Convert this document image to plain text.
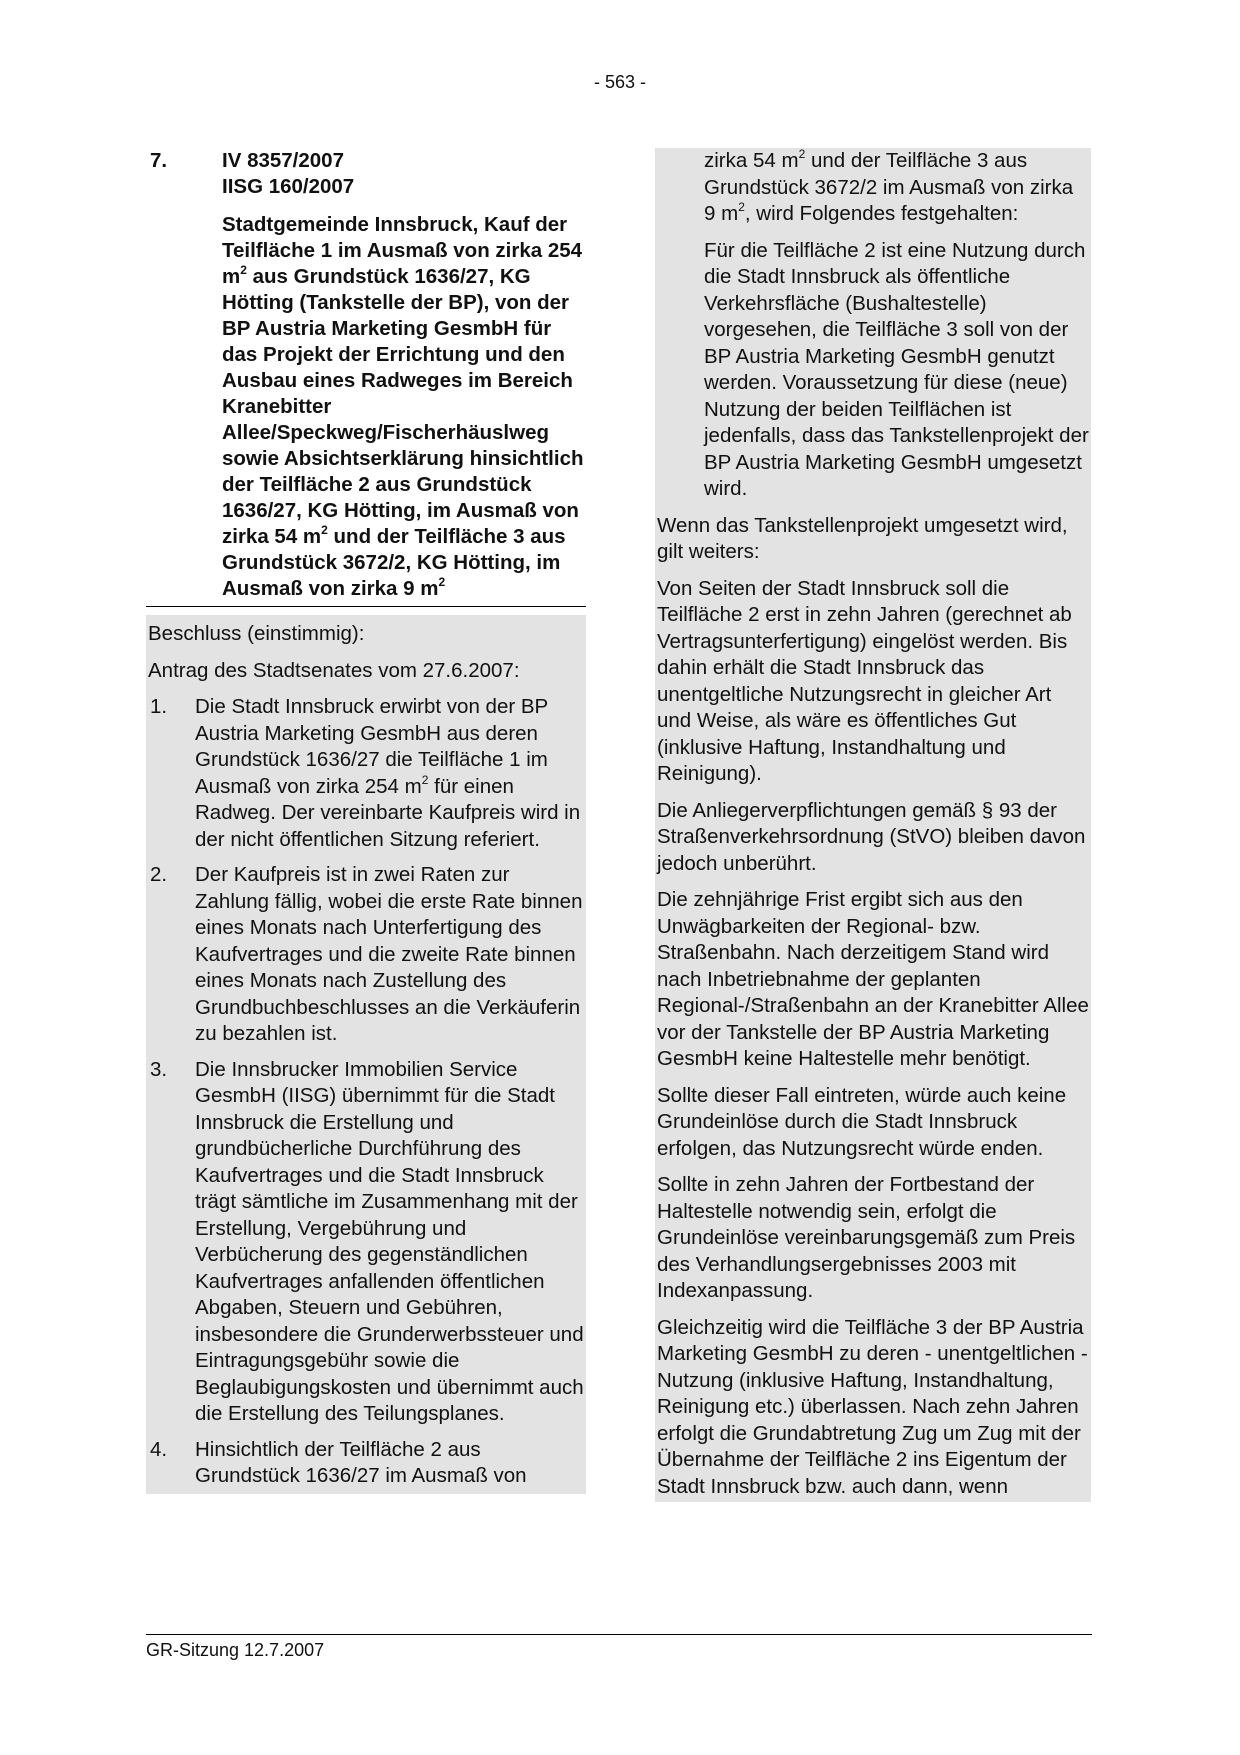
- 563 -
7.	IV 8357/2007
IISG 160/2007
Stadtgemeinde Innsbruck, Kauf der Teilfläche 1 im Ausmaß von zirka 254 $m^2$ aus Grundstück 1636/27, KG Hötting (Tankstelle der BP), von der BP Austria Marketing GesmbH für das Projekt der Errichtung und den Ausbau eines Radweges im Bereich Kranebitter Allee/Speckweg/Fischerhäuslweg sowie Absichtserklärung hinsichtlich der Teilfläche 2 aus Grundstück 1636/27, KG Hötting, im Ausmaß von zirka 54 $m^2$ und der Teilfläche 3 aus Grundstück 3672/2, KG Hötting, im Ausmaß von zirka 9 $m^2$

Beschluss (einstimmig):

Antrag des Stadtsenates vom 27.6.2007:

1. Die Stadt Innsbruck erwirbt von der BP Austria Marketing GesmbH aus deren Grundstück 1636/27 die Teilfläche 1 im Ausmaß von zirka 254 $m^2$ für einen Radweg. Der vereinbarte Kaufpreis wird in der nicht öffentlichen Sitzung referiert.
2. Der Kaufpreis ist in zwei Raten zur Zahlung fällig, wobei die erste Rate binnen eines Monats nach Unterfertigung des Kaufvertrages und die zweite Rate binnen eines Monats nach Zustellung des Grundbuchbeschlusses an die Verkäuferin zu bezahlen ist.
3. Die Innsbrucker Immobilien Service GesmbH (IISG) übernimmt für die Stadt Innsbruck die Erstellung und grundbücherliche Durchführung des Kaufvertrages und die Stadt Innsbruck trägt sämtliche im Zusammenhang mit der Erstellung, Vergebührung und Verbücherung des gegenständlichen Kaufvertrages anfallenden öffentlichen Abgaben, Steuern und Gebühren, insbesondere die Grunderwerbssteuer und Eintragungsgebühr sowie die Beglaubigungskosten und übernimmt auch die Erstellung des Teilungsplanes.
4. Hinsichtlich der Teilfläche 2 aus Grundstück 1636/27 im Ausmaß von

zirka 54 $m^2$ und der Teilfläche 3 aus Grundstück 3672/2 im Ausmaß von zirka 9 $m^2$, wird Folgendes festgehalten:

Für die Teilfläche 2 ist eine Nutzung durch die Stadt Innsbruck als öffentliche Verkehrsfläche (Bushaltestelle) vorgesehen, die Teilfläche 3 soll von der BP Austria Marketing GesmbH genutzt werden. Voraussetzung für diese (neue) Nutzung der beiden Teilflächen ist jedenfalls, dass das Tankstellenprojekt der BP Austria Marketing GesmbH umgesetzt wird.

Wenn das Tankstellenprojekt umgesetzt wird, gilt weiters:

Von Seiten der Stadt Innsbruck soll die Teilfläche 2 erst in zehn Jahren (gerechnet ab Vertragsunterfertigung) eingelöst werden. Bis dahin erhält die Stadt Innsbruck das unentgeltliche Nutzungsrecht in gleicher Art und Weise, als wäre es öffentliches Gut (inklusive Haftung, Instandhaltung und Reinigung).

Die Anliegerverpflichtungen gemäß § 93 der Straßenverkehrsordnung (StVO) bleiben davon jedoch unberührt.

Die zehnjährige Frist ergibt sich aus den Unwägbarkeiten der Regional- bzw. Straßenbahn. Nach derzeitigem Stand wird nach Inbetriebnahme der geplanten Regional-/Straßenbahn an der Kranebitter Allee vor der Tankstelle der BP Austria Marketing GesmbH keine Haltestelle mehr benötigt.

Sollte dieser Fall eintreten, würde auch keine Grundeinlöse durch die Stadt Innsbruck erfolgen, das Nutzungsrecht würde enden.

Sollte in zehn Jahren der Fortbestand der Haltestelle notwendig sein, erfolgt die Grundeinlöse vereinbarungsgemäß zum Preis des Verhandlungsergebnisses 2003 mit Indexanpassung.

Gleichzeitig wird die Teilfläche 3 der BP Austria Marketing GesmbH zu deren - unentgeltlichen - Nutzung (inklusive Haftung, Instandhaltung, Reinigung etc.) überlassen. Nach zehn Jahren erfolgt die Grundabtretung Zug um Zug mit der Übernahme der Teilfläche 2 ins Eigentum der Stadt Innsbruck bzw. auch dann, wenn

GR-Sitzung 12.7.2007
